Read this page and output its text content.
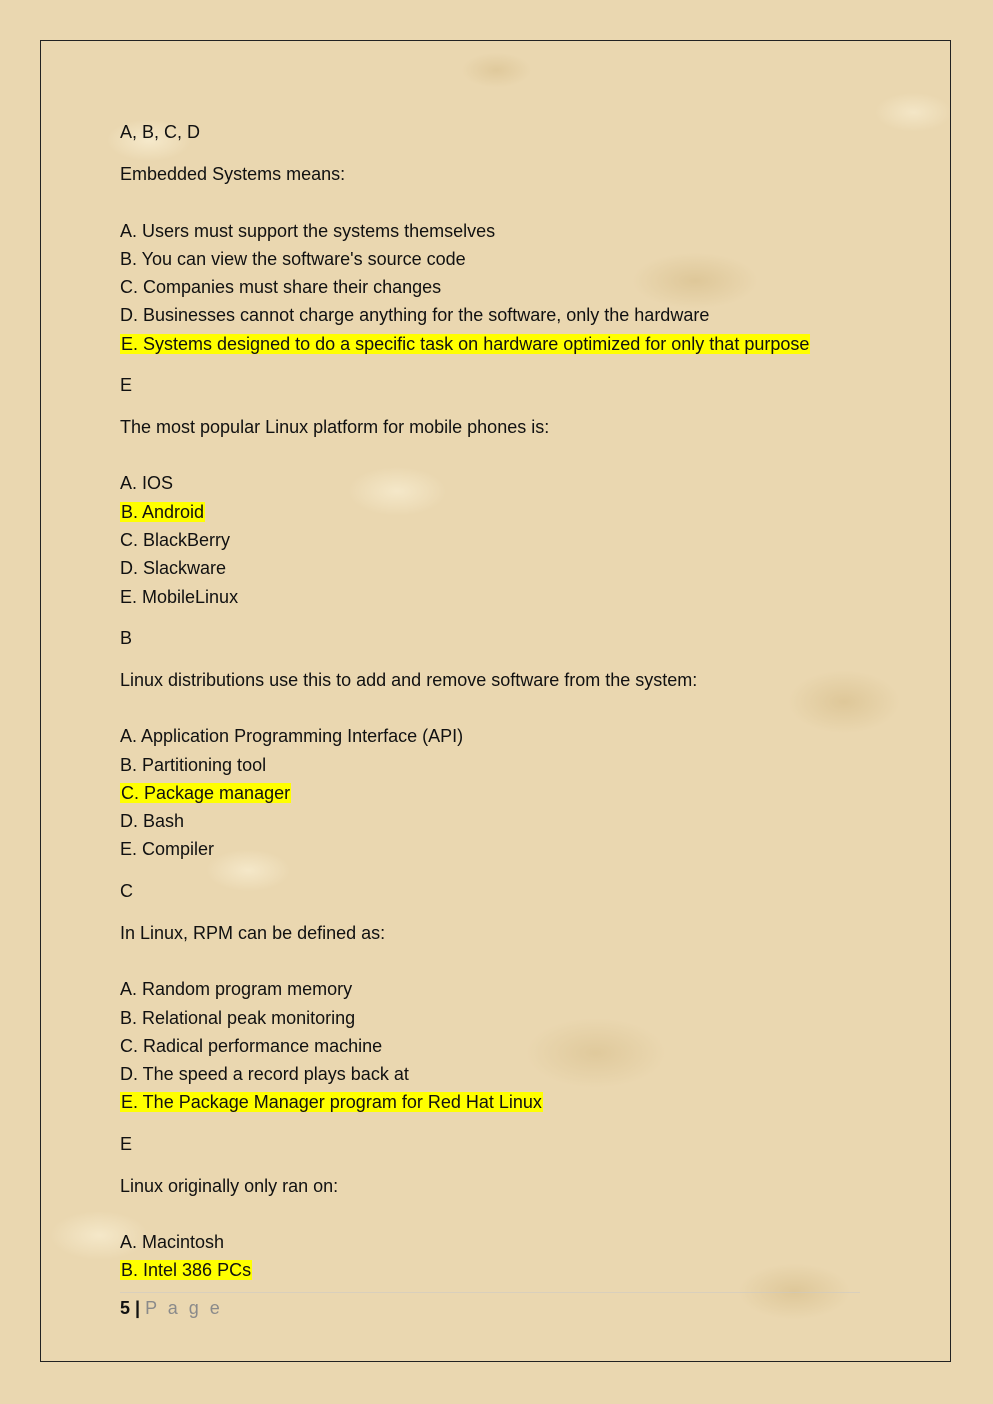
A, B, C, D
Embedded Systems means:
A. Users must support the systems themselves
B. You can view the software's source code
C. Companies must share their changes
D. Businesses cannot charge anything for the software, only the hardware
E. Systems designed to do a specific task on hardware optimized for only that purpose
E
The most popular Linux platform for mobile phones is:
A. IOS
B. Android
C. BlackBerry
D. Slackware
E. MobileLinux
B
Linux distributions use this to add and remove software from the system:
A. Application Programming Interface (API)
B. Partitioning tool
C. Package manager
D. Bash
E. Compiler
C
In Linux, RPM can be defined as:
A. Random program memory
B. Relational peak monitoring
C. Radical performance machine
D. The speed a record plays back at
E. The Package Manager program for Red Hat Linux
E
Linux originally only ran on:
A. Macintosh
B. Intel 386 PCs
5 | P a g e
